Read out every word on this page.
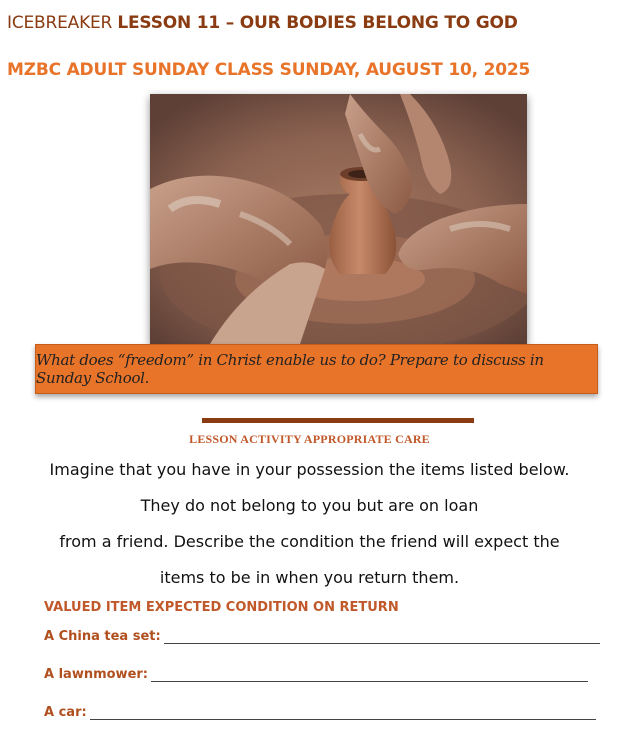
ICEBREAKER LESSON 11 – OUR BODIES BELONG TO GOD
MZBC ADULT SUNDAY CLASS SUNDAY, AUGUST 10, 2025
What does “freedom” in Christ enable us to do? Prepare to discuss in Sunday School.
LESSON ACTIVITY APPROPRIATE CARE
Imagine that you have in your possession the items listed below.
They do not belong to you but are on loan
from a friend. Describe the condition the friend will expect the
items to be in when you return them.
VALUED ITEM EXPECTED CONDITION ON RETURN
A China tea set:
A lawnmower:
A car:
